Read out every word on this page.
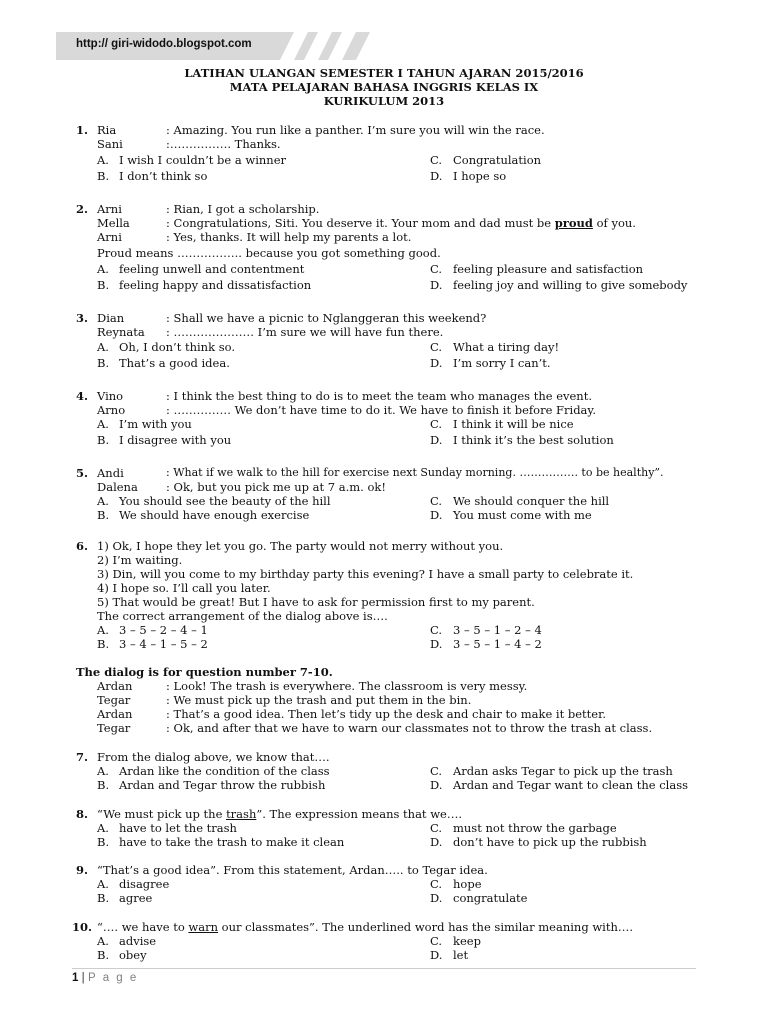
http:// giri-widodo.blogspot.com
LATIHAN ULANGAN SEMESTER I TAHUN AJARAN 2015/2016
MATA PELAJARAN BAHASA INGGRIS KELAS IX
KURIKULUM 2013
1. Ria	: Amazing. You run like a panther. I’m sure you will win the race.
Sani	:……………. Thanks.
A. I wish I couldn’t be a winner
B. I don’t think so
C. Congratulation
D. I hope so
2. Arni	: Rian, I got a scholarship.
Mella	: Congratulations, Siti. You deserve it. Your mom and dad must be proud of you.
Arni	: Yes, thanks. It will help my parents a lot.
Proud means …………….. because you got something good.
A. feeling unwell and contentment
B. feeling happy and dissatisfaction
C. feeling pleasure and satisfaction
D. feeling joy and willing to give somebody
3. Dian	: Shall we have a picnic to Nglanggeran this weekend?
Reynata : ………………… I’m sure we will have fun there.
A. Oh, I don’t think so.
B. That’s a good idea.
C. What a tiring day!
D. I’m sorry I can’t.
4. Vino	: I think the best thing to do is to meet the team who manages the event.
Arno	: …………… We don’t have time to do it. We have to finish it before Friday.
A. I’m with you
B. I disagree with you
C. I think it will be nice
D. I think it’s the best solution
5. Andi	: What if we walk to the hill for exercise next Sunday morning. ……………. to be healthy”.
Dalena : Ok, but you pick me up at 7 a.m. ok!
A. You should see the beauty of the hill
B. We should have enough exercise
C. We should conquer the hill
D. You must come with me
6. 1) Ok, I hope they let you go. The party would not merry without you.
2) I’m waiting.
3) Din, will you come to my birthday party this evening? I have a small party to celebrate it.
4) I hope so. I’ll call you later.
5) That would be great! But I have to ask for permission first to my parent.
The correct arrangement of the dialog above is….
A. 3 – 5 – 2 – 4 – 1
B. 3 – 4 – 1 – 5 – 2
C. 3 – 5 – 1 – 2 – 4
D. 3 – 5 – 1 – 4 – 2
The dialog is for question number 7-10.
Ardan	: Look! The trash is everywhere. The classroom is very messy.
Tegar	: We must pick up the trash and put them in the bin.
Ardan	: That’s a good idea. Then let’s tidy up the desk and chair to make it better.
Tegar	: Ok, and after that we have to warn our classmates not to throw the trash at class.
7. From the dialog above, we know that….
A. Ardan like the condition of the class
B. Ardan and Tegar throw the rubbish
C. Ardan asks Tegar to pick up the trash
D. Ardan and Tegar want to clean the class
8. “We must pick up the trash”. The expression means that we….
A. have to let the trash
B. have to take the trash to make it clean
C. must not throw the garbage
D. don’t have to pick up the rubbish
9. “That’s a good idea”. From this statement, Ardan….. to Tegar idea.
A. disagree
B. agree
C. hope
D. congratulate
10. “…. we have to warn our classmates”. The underlined word has the similar meaning with….
A. advise
B. obey
C. keep
D. let
1 | P a g e
